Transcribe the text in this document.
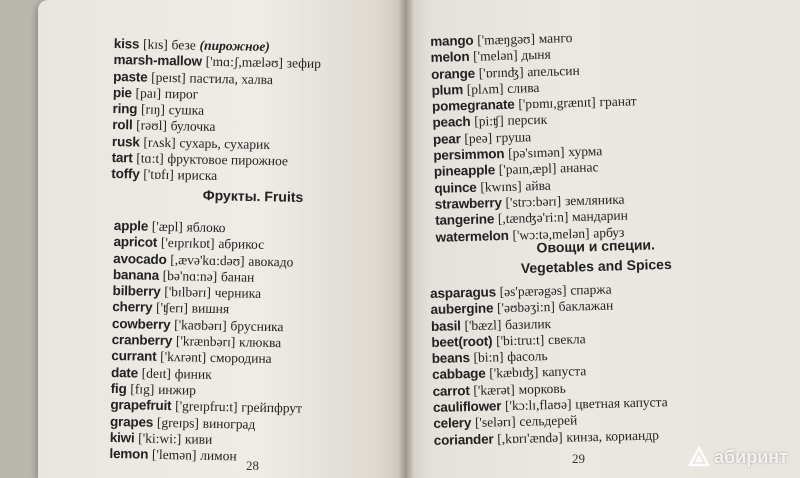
kiss [kɪs] безе (пирожное)
marsh-mallow ['mɑ:ʃ,mæləʊ] зефир
paste [peɪst] пастила, халва
pie [paɪ] пирог
ring [rɪŋ] сушка
roll [rəʊl] булочка
rusk [rʌsk] сухарь, сухарик
tart [tɑ:t] фруктовое пирожное
toffy ['tɒfɪ] ириска
Фрукты. Fruits
apple ['æpl] яблоко
apricot ['eɪprɪkɒt] абрикос
avocado [,ævə'kɑ:dəʊ] авокадо
banana [bə'nɑ:nə] банан
bilberry ['bɪlbərɪ] черника
cherry ['ʧerɪ] вишня
cowberry ['kaʊbərɪ] брусника
cranberry ['krænbərɪ] клюква
currant ['kʌrənt] смородина
date [deɪt] финик
fig [fɪg] инжир
grapefruit ['greɪpfru:t] грейпфрут
grapes [greɪps] виноград
kiwi ['ki:wi:] киви
lemon ['lemən] лимон
28
mango ['mæŋgəʊ] манго
melon ['melən] дыня
orange ['ɒrɪnʤ] апельсин
plum [plʌm] слива
pomegranate ['pɒmɪ,grænɪt] гранат
peach [pi:ʧ] персик
pear [peə] груша
persimmon [pə'sɪmən] хурма
pineapple ['paɪn,æpl] ананас
quince [kwɪns] айва
strawberry ['strɔ:bərɪ] земляника
tangerine [,tænʤə'ri:n] мандарин
watermelon ['wɔ:tə,melən] арбуз
Овощи и специи.
Vegetables and Spices
asparagus [əs'pærəgəs] спаржа
aubergine ['əʊbəʒi:n] баклажан
basil ['bæzl] базилик
beet(root) ['bi:tru:t] свекла
beans [bi:n] фасоль
cabbage ['kæbɪʤ] капуста
carrot ['kærət] морковь
cauliflower ['kɔ:lɪ,flaʊə] цветная капуста
celery ['selərɪ] сельдерей
coriander [,kɒrɪ'ændə] кинза, кориандр
29	абиринт
